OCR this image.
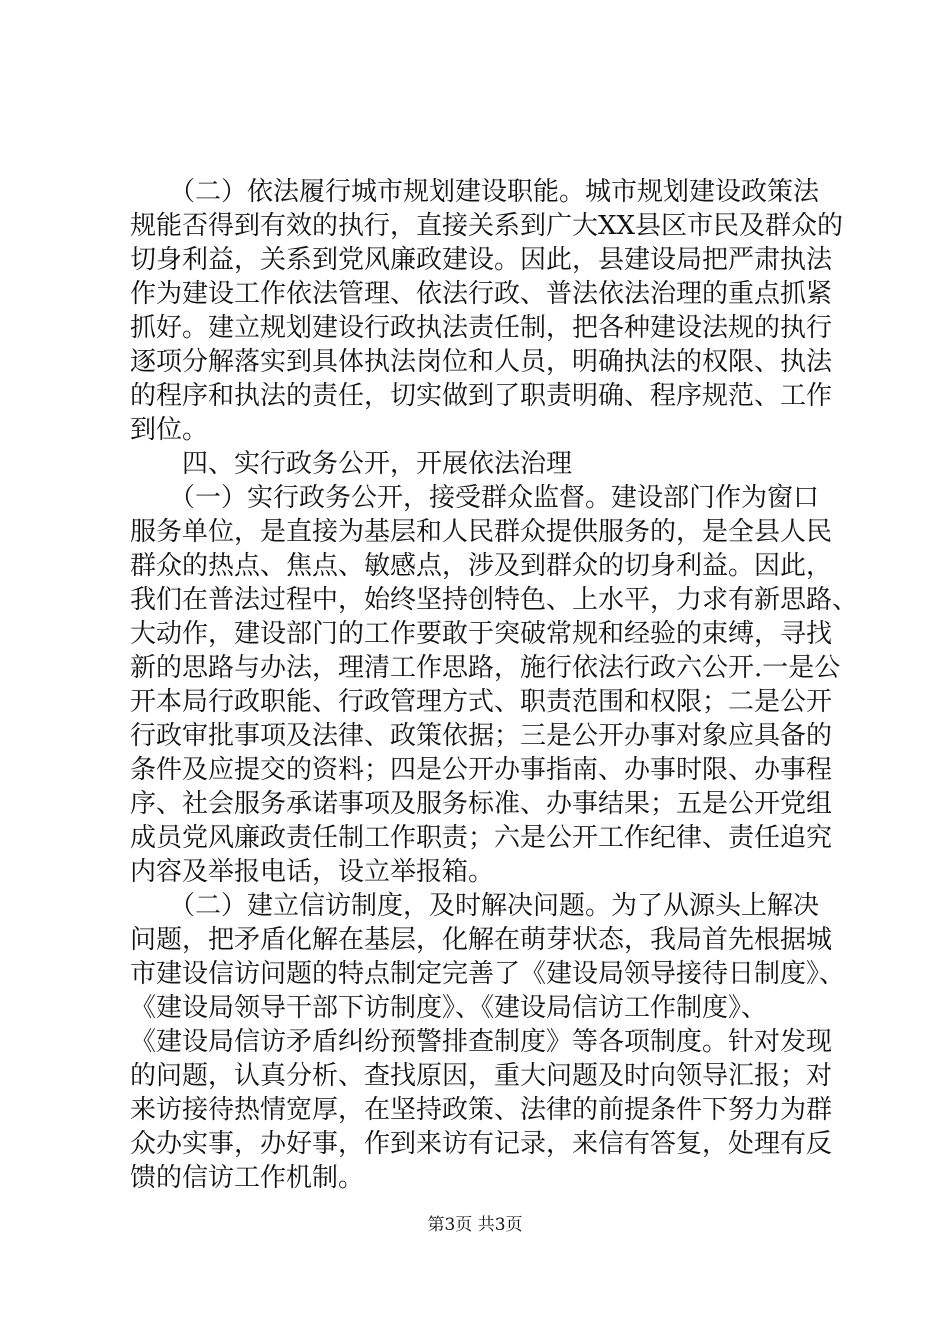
　　（二）依法履行城市规划建设职能。城市规划建设政策法
规能否得到有效的执行，直接关系到广大XX县区市民及群众的
切身利益，关系到党风廉政建设。因此，县建设局把严肃执法
作为建设工作依法管理、依法行政、普法依法治理的重点抓紧
抓好。建立规划建设行政执法责任制，把各种建设法规的执行
逐项分解落实到具体执法岗位和人员，明确执法的权限、执法
的程序和执法的责任，切实做到了职责明确、程序规范、工作
到位。
　　四、实行政务公开，开展依法治理
　　（一）实行政务公开，接受群众监督。建设部门作为窗口
服务单位，是直接为基层和人民群众提供服务的，是全县人民
群众的热点、焦点、敏感点，涉及到群众的切身利益。因此，
我们在普法过程中，始终坚持创特色、上水平，力求有新思路、
大动作，建设部门的工作要敢于突破常规和经验的束缚，寻找
新的思路与办法，理清工作思路，施行依法行政六公开.一是公
开本局行政职能、行政管理方式、职责范围和权限；二是公开
行政审批事项及法律、政策依据；三是公开办事对象应具备的
条件及应提交的资料；四是公开办事指南、办事时限、办事程
序、社会服务承诺事项及服务标准、办事结果；五是公开党组
成员党风廉政责任制工作职责；六是公开工作纪律、责任追究
内容及举报电话，设立举报箱。
　　（二）建立信访制度，及时解决问题。为了从源头上解决
问题，把矛盾化解在基层，化解在萌芽状态，我局首先根据城
市建设信访问题的特点制定完善了《建设局领导接待日制度》、
《建设局领导干部下访制度》、《建设局信访工作制度》、
《建设局信访矛盾纠纷预警排查制度》等各项制度。针对发现
的问题，认真分析、查找原因，重大问题及时向领导汇报；对
来访接待热情宽厚，在坚持政策、法律的前提条件下努力为群
众办实事，办好事，作到来访有记录，来信有答复，处理有反
馈的信访工作机制。
第3页 共3页
